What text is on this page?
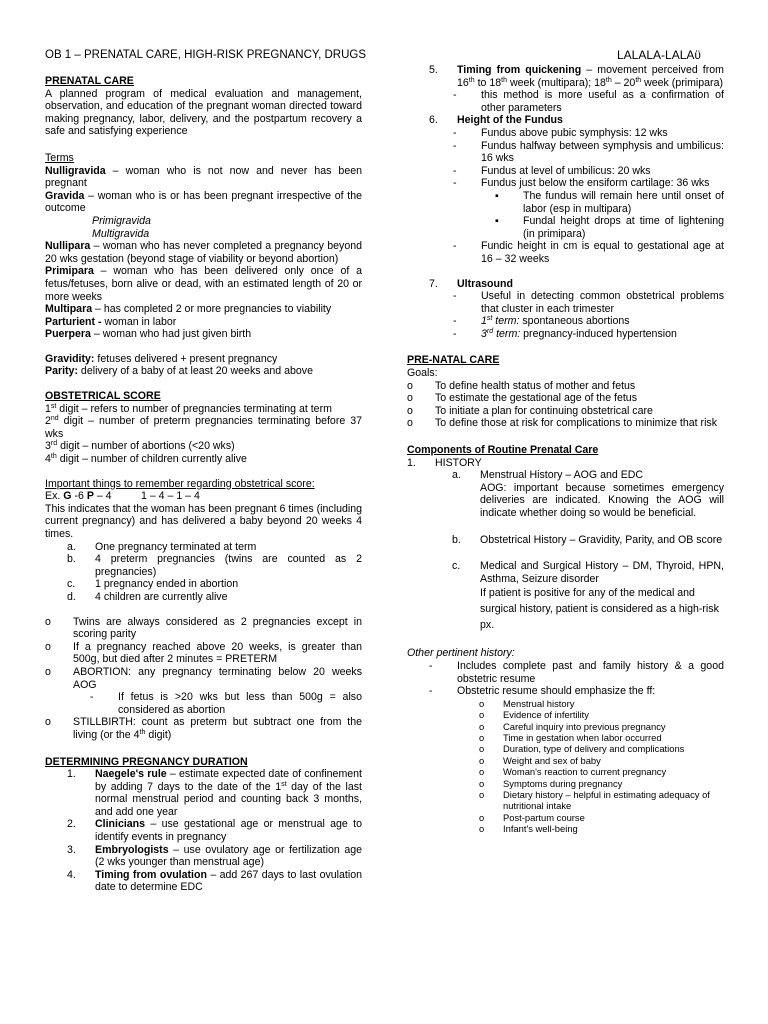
OB 1 – PRENATAL CARE, HIGH-RISK PREGNANCY, DRUGS	LALALA-LALAϋ
PRENATAL CARE
A planned program of medical evaluation and management, observation, and education of the pregnant woman directed toward making pregnancy, labor, delivery, and the postpartum recovery a safe and satisfying experience
Terms
Nulligravida – woman who is not now and never has been pregnant
Gravida – woman who is or has been pregnant irrespective of the outcome
Primigravida
Multigravida
Nullipara – woman who has never completed a pregnancy beyond 20 wks gestation (beyond stage of viability or beyond abortion)
Primipara – woman who has been delivered only once of a fetus/fetuses, born alive or dead, with an estimated length of 20 or more weeks
Multipara – has completed 2 or more pregnancies to viability
Parturient - woman in labor
Puerpera – woman who had just given birth
Gravidity: fetuses delivered + present pregnancy
Parity: delivery of a baby of at least 20 weeks and above
OBSTETRICAL SCORE
1st digit – refers to number of pregnancies terminating at term
2nd digit – number of preterm pregnancies terminating before 37 wks
3rd digit – number of abortions (<20 wks)
4th digit – number of children currently alive
Important things to remember regarding obstetrical score:
Ex. G -6 P – 4          1 – 4 – 1 – 4
This indicates that the woman has been pregnant 6 times (including current pregnancy) and has delivered a baby beyond 20 weeks 4 times.
a. One pregnancy terminated at term
b. 4 preterm pregnancies (twins are counted as 2 pregnancies)
c. 1 pregnancy ended in abortion
d. 4 children are currently alive
o Twins are always considered as 2 pregnancies except in scoring parity
o If a pregnancy reached above 20 weeks, is greater than 500g, but died after 2 minutes = PRETERM
o ABORTION: any pregnancy terminating below 20 weeks AOG
- If fetus is >20 wks but less than 500g = also considered as abortion
o STILLBIRTH: count as preterm but subtract one from the living (or the 4th digit)
DETERMINING PREGNANCY DURATION
1. Naegele's rule – estimate expected date of confinement by adding 7 days to the date of the 1st day of the last normal menstrual period and counting back 3 months, and add one year
2. Clinicians – use gestational age or menstrual age to identify events in pregnancy
3. Embryologists – use ovulatory age or fertilization age (2 wks younger than menstrual age)
4. Timing from ovulation – add 267 days to last ovulation date to determine EDC
5. Timing from quickening – movement perceived from 16th to 18th week (multipara); 18th – 20th week (primipara)
- this method is more useful as a confirmation of other parameters
6. Height of the Fundus
- Fundus above pubic symphysis: 12 wks
- Fundus halfway between symphysis and umbilicus: 16 wks
- Fundus at level of umbilicus: 20 wks
- Fundus just below the ensiform cartilage: 36 wks
▪ The fundus will remain here until onset of labor (esp in multipara)
▪ Fundal height drops at time of lightening (in primipara)
- Fundic height in cm is equal to gestational age at 16 – 32 weeks
7. Ultrasound
- Useful in detecting common obstetrical problems that cluster in each trimester
- 1st term: spontaneous abortions
- 3rd term: pregnancy-induced hypertension
PRE-NATAL CARE
Goals:
o To define health status of mother and fetus
o To estimate the gestational age of the fetus
o To initiate a plan for continuing obstetrical care
o To define those at risk for complications to minimize that risk
Components of Routine Prenatal Care
1. HISTORY
a. Menstrual History – AOG and EDC
AOG: important because sometimes emergency deliveries are indicated. Knowing the AOG will indicate whether doing so would be beneficial.
b. Obstetrical History – Gravidity, Parity, and OB score
c. Medical and Surgical History – DM, Thyroid, HPN, Asthma, Seizure disorder
If patient is positive for any of the medical and surgical history, patient is considered as a high-risk px.
Other pertinent history:
- Includes complete past and family history & a good obstetric resume
- Obstetric resume should emphasize the ff:
o Menstrual history
o Evidence of infertility
o Careful inquiry into previous pregnancy
o Time in gestation when labor occurred
o Duration, type of delivery and complications
o Weight and sex of baby
o Woman's reaction to current pregnancy
o Symptoms during pregnancy
o Dietary history – helpful in estimating adequacy of nutritional intake
o Post-partum course
o Infant's well-being
